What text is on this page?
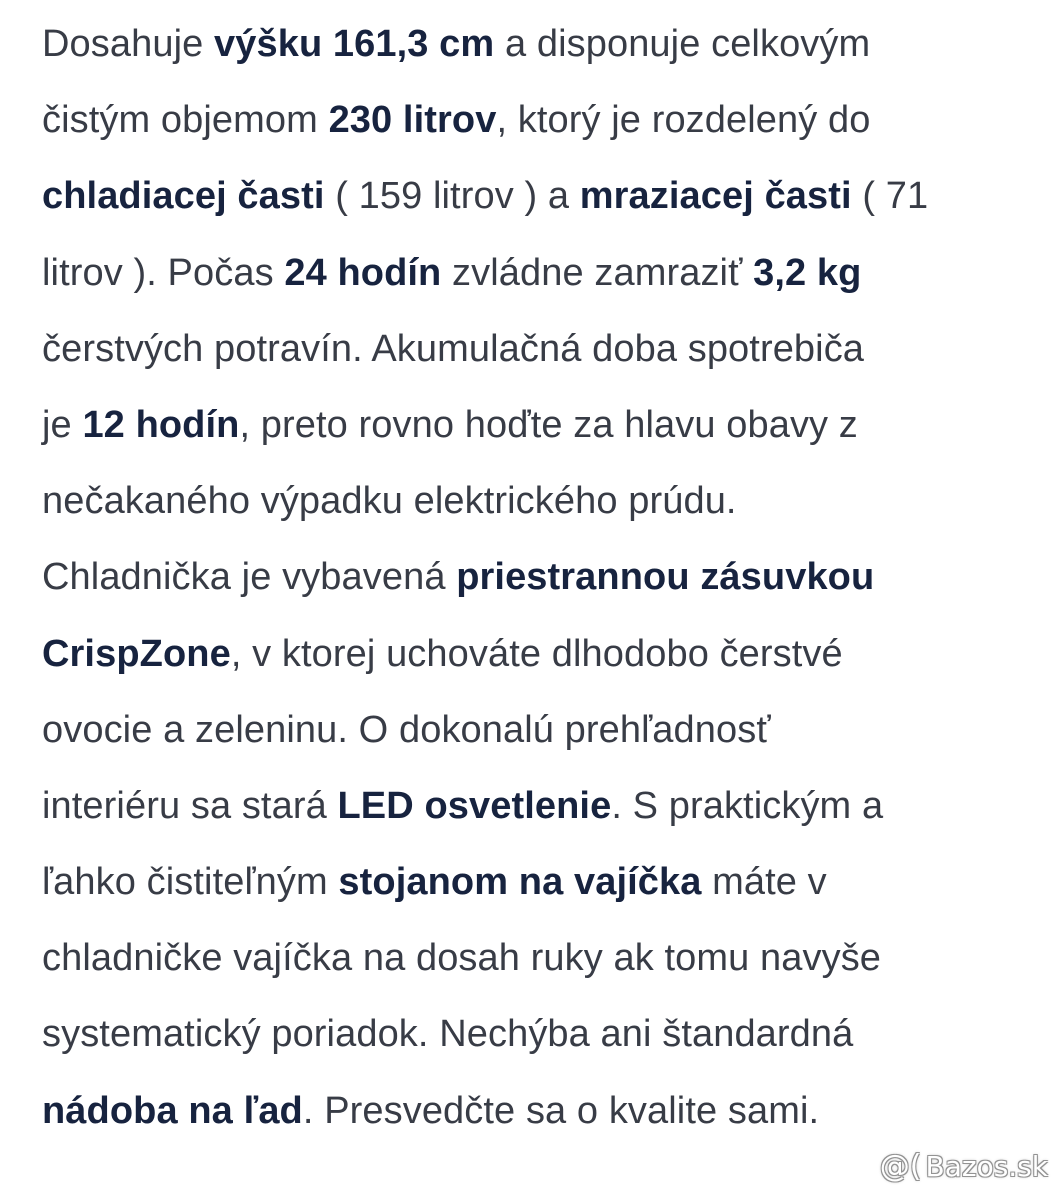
Dosahuje výšku 161,3 cm a disponuje celkovým
čistým objemom 230 litrov, ktorý je rozdelený do
chladiacej časti ( 159 litrov ) a mraziacej časti ( 71
litrov ). Počas 24 hodín zvládne zamraziť 3,2 kg
čerstvých potravín. Akumulačná doba spotrebiča
je 12 hodín, preto rovno hoďte za hlavu obavy z
nečakaného výpadku elektrického prúdu.
Chladnička je vybavená priestrannou zásuvkou
CrispZone, v ktorej uchováte dlhodobo čerstvé
ovocie a zeleninu. O dokonalú prehľadnosť
interiéru sa stará LED osvetlenie. S praktickým a
ľahko čistiteľným stojanom na vajíčka máte v
chladničke vajíčka na dosah ruky ak tomu navyše
systematický poriadok. Nechýba ani štandardná
nádoba na ľad. Presvedčte sa o kvalite sami.
@( Bazos.sk
